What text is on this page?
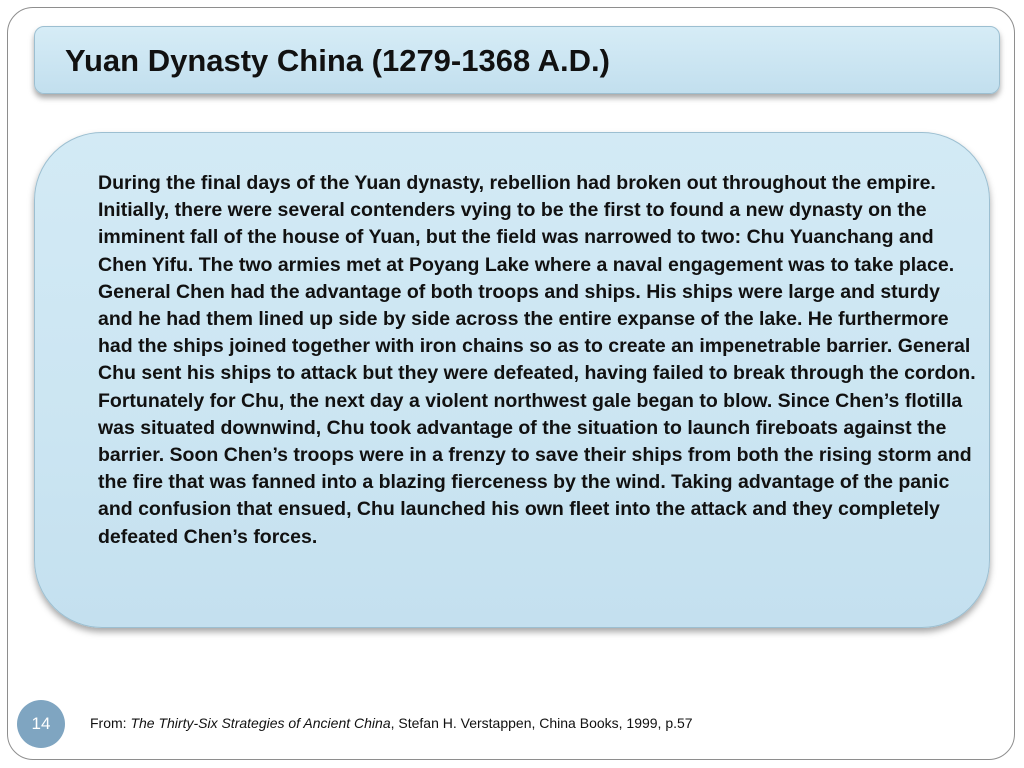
Yuan Dynasty China (1279-1368 A.D.)

During the final days of the Yuan dynasty, rebellion had broken out throughout the empire. Initially, there were several contenders vying to be the first to found a new dynasty on the imminent fall of the house of Yuan, but the field was narrowed to two: Chu Yuanchang and Chen Yifu. The two armies met at Poyang Lake where a naval engagement was to take place. General Chen had the advantage of both troops and ships. His ships were large and sturdy and he had them lined up side by side across the entire expanse of the lake. He furthermore had the ships joined together with iron chains so as to create an impenetrable barrier. General Chu sent his ships to attack but they were defeated, having failed to break through the cordon. Fortunately for Chu, the next day a violent northwest gale began to blow. Since Chen’s flotilla was situated downwind, Chu took advantage of the situation to launch fireboats against the barrier. Soon Chen’s troops were in a frenzy to save their ships from both the rising storm and the fire that was fanned into a blazing fierceness by the wind. Taking advantage of the panic and confusion that ensued, Chu launched his own fleet into the attack and they completely defeated Chen’s forces.

14	From: The Thirty-Six Strategies of Ancient China, Stefan H. Verstappen, China Books, 1999, p.57
